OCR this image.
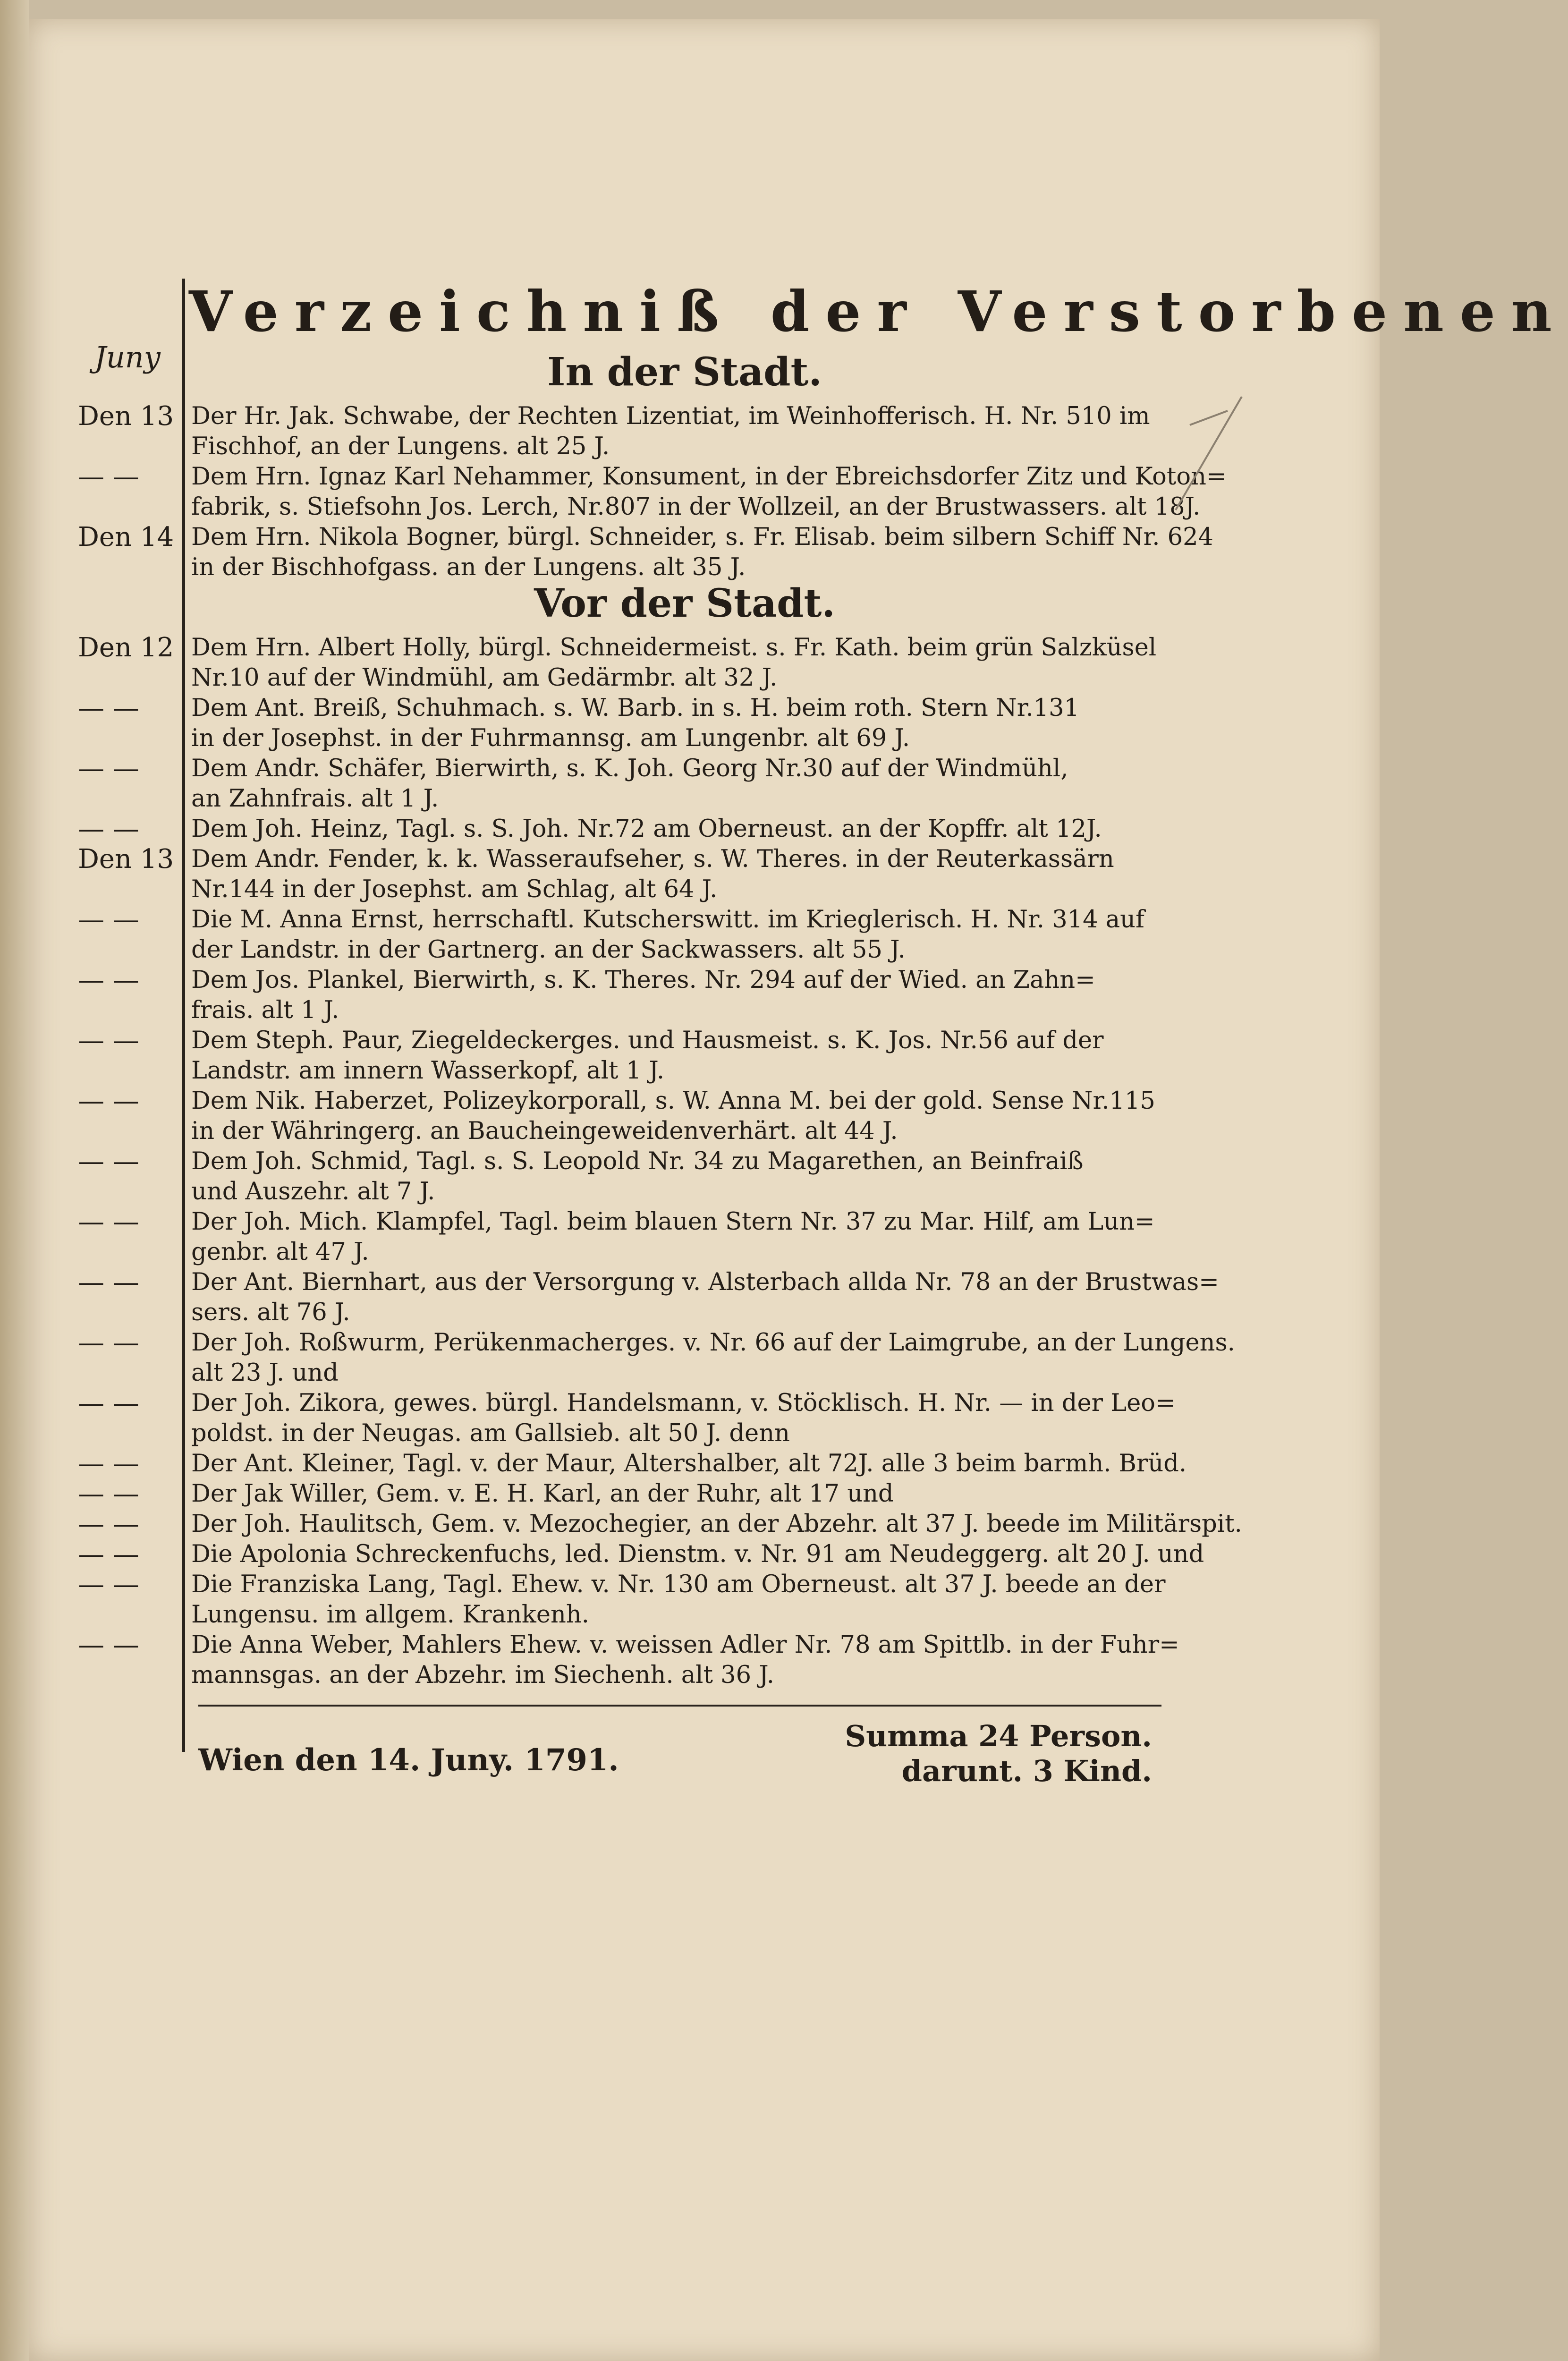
Verzeichniß der Verstorbenen
Juny	In der Stadt.
Den 13 Der Hr. Jak. Schwabe, der Rechten Lizentiat, im Weinhofferisch. H. Nr. 510 im
Fischhof, an der Lungens. alt 25 J.
— —	Dem Hrn. Ignaz Karl Nehammer, Konsument, in der Ebreichsdorfer Zitz und Koton=
fabrik, s. Stiefsohn Jos. Lerch, Nr.807 in der Wollzeil, an der Brustwassers. alt 18J.
Den 14 Dem Hrn. Nikola Bogner, bürgl. Schneider, s. Fr. Elisab. beim silbern Schiff Nr. 624
in der Bischhofgass. an der Lungens. alt 35 J.
Vor der Stadt.
Den 12 Dem Hrn. Albert Holly, bürgl. Schneidermeist. s. Fr. Kath. beim grün Salzküsel
Nr.10 auf der Windmühl, am Gedärmbr. alt 32 J.
— —	Dem Ant. Breiß, Schuhmach. s. W. Barb. in s. H. beim roth. Stern Nr.131
in der Josephst. in der Fuhrmannsg. am Lungenbr. alt 69 J.
— —	Dem Andr. Schäfer, Bierwirth, s. K. Joh. Georg Nr.30 auf der Windmühl,
an Zahnfrais. alt 1 J.
— —	Dem Joh. Heinz, Tagl. s. S. Joh. Nr.72 am Oberneust. an der Kopffr. alt 12J.
Den 13 Dem Andr. Fender, k. k. Wasseraufseher, s. W. Theres. in der Reuterkassärn
Nr.144 in der Josephst. am Schlag, alt 64 J.
— —	Die M. Anna Ernst, herrschaftl. Kutscherswitt. im Krieglerisch. H. Nr. 314 auf
der Landstr. in der Gartnerg. an der Sackwassers. alt 55 J.
— —	Dem Jos. Plankel, Bierwirth, s. K. Theres. Nr. 294 auf der Wied. an Zahn=
frais. alt 1 J.
— —	Dem Steph. Paur, Ziegeldeckerges. und Hausmeist. s. K. Jos. Nr.56 auf der
Landstr. am innern Wasserkopf, alt 1 J.
— —	Dem Nik. Haberzet, Polizeykorporall, s. W. Anna M. bei der gold. Sense Nr.115
in der Währingerg. an Baucheingeweidenverhärt. alt 44 J.
— —	Dem Joh. Schmid, Tagl. s. S. Leopold Nr. 34 zu Magarethen, an Beinfraiß
und Auszehr. alt 7 J.
— —	Der Joh. Mich. Klampfel, Tagl. beim blauen Stern Nr. 37 zu Mar. Hilf, am Lun=
genbr. alt 47 J.
— —	Der Ant. Biernhart, aus der Versorgung v. Alsterbach allda Nr. 78 an der Brustwas=
sers. alt 76 J.
— —	Der Joh. Roßwurm, Perükenmacherges. v. Nr. 66 auf der Laimgrube, an der Lungens.
alt 23 J. und
— —	Der Joh. Zikora, gewes. bürgl. Handelsmann, v. Stöcklisch. H. Nr. — in der Leo=
poldst. in der Neugas. am Gallsieb. alt 50 J. denn
— —	Der Ant. Kleiner, Tagl. v. der Maur, Altershalber, alt 72J. alle 3 beim barmh. Brüd.
— —	Der Jak Willer, Gem. v. E. H. Karl, an der Ruhr, alt 17 und
— —	Der Joh. Haulitsch, Gem. v. Mezochegier, an der Abzehr. alt 37 J. beede im Militärspit.
— —	Die Apolonia Schreckenfuchs, led. Dienstm. v. Nr. 91 am Neudeggerg. alt 20 J. und
— —	Die Franziska Lang, Tagl. Ehew. v. Nr. 130 am Oberneust. alt 37 J. beede an der
Lungensu. im allgem. Krankenh.
— —	Die Anna Weber, Mahlers Ehew. v. weissen Adler Nr. 78 am Spittlb. in der Fuhr=
mannsgas. an der Abzehr. im Siechenh. alt 36 J.
Summa 24 Person.
darunt. 3 Kind.
Wien den 14. Juny. 1791.
